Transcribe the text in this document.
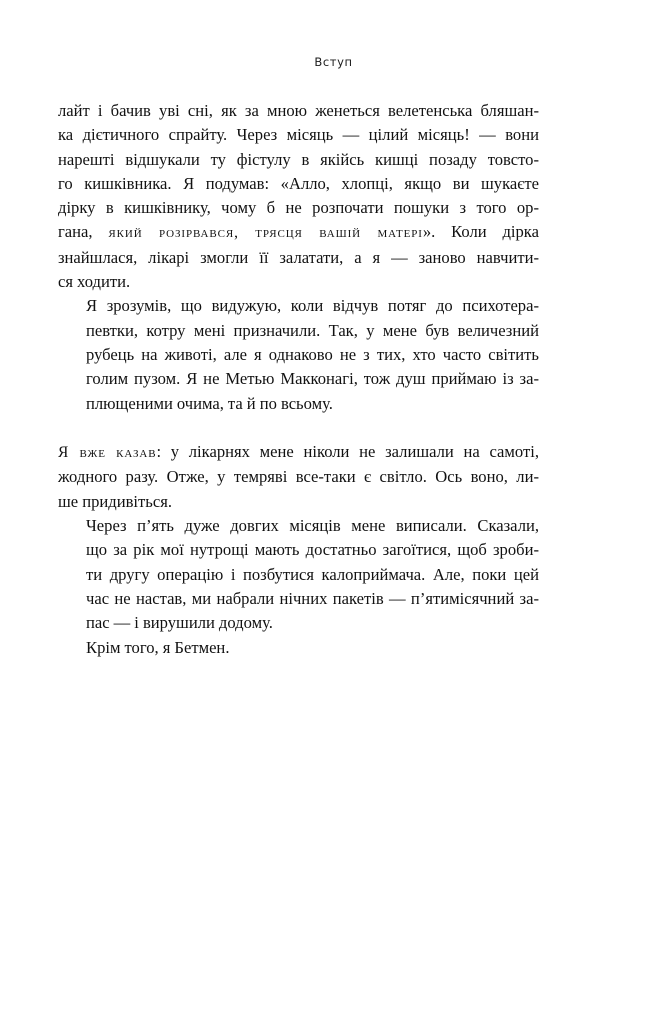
Вступ

лайт і бачив уві сні, як за мною женеться велетенська бляшан-
ка дієтичного спрайту. Через місяць — цілий місяць! — вони
нарешті відшукали ту фістулу в якійсь кишці позаду товсто-
го кишківника. Я подумав: «Алло, хлопці, якщо ви шукаєте
дірку в кишківнику, чому б не розпочати пошуки з того ор-
гана, який розірвався, трясця вашій матері». Коли дірка
знайшлася, лікарі змогли її залатати, а я — заново навчити-
ся ходити.

Я зрозумів, що видужую, коли відчув потяг до психотера-
певтки, котру мені призначили. Так, у мене був величезний
рубець на животі, але я однаково не з тих, хто часто світить
голим пузом. Я не Метью Макконагі, тож душ приймаю із за-
плющеними очима, та й по всьому.

Я вже казав: у лікарнях мене ніколи не залишали на самоті,
жодного разу. Отже, у темряві все-таки є світло. Ось воно, ли-
ше придивіться.

Через п’ять дуже довгих місяців мене виписали. Сказали,
що за рік мої нутрощі мають достатньо загоїтися, щоб зроби-
ти другу операцію і позбутися калоприймача. Але, поки цей
час не настав, ми набрали нічних пакетів — п’ятимісячний за-
пас — і вирушили додому.

Крім того, я Бетмен.
